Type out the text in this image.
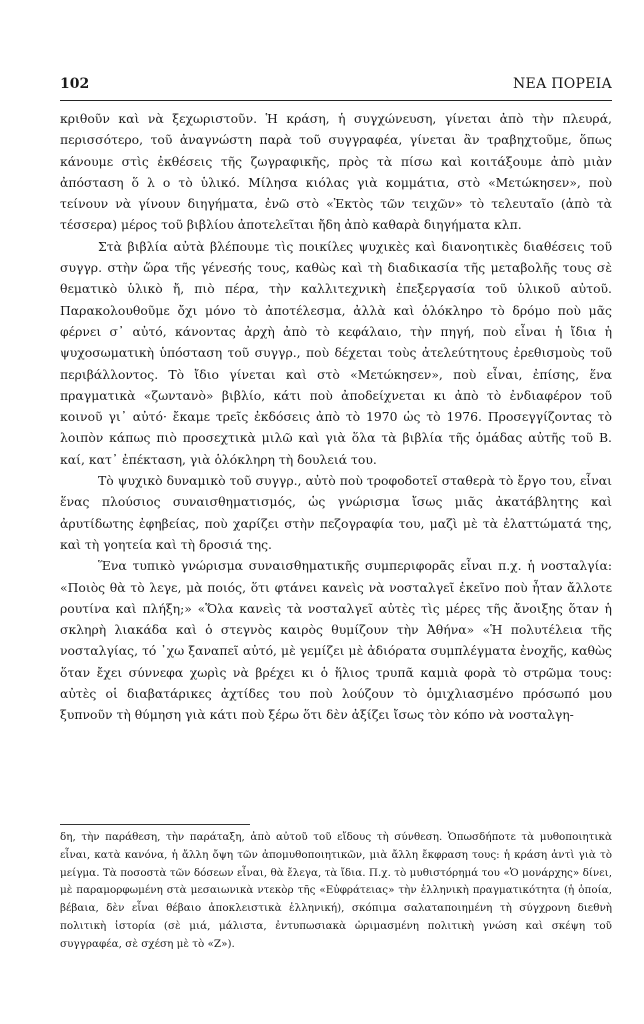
102	ΝΕΑ ΠΟΡΕΙΑ

κριθοῦν καὶ νὰ ξεχωριστοῦν. Ἡ κράση, ἡ συγχώνευση, γίνεται ἀπὸ τὴν πλευρά, περισσότερο, τοῦ ἀναγνώστη παρὰ τοῦ συγγραφέα, γίνεται ἂν τραβηχτοῦμε, ὅπως κάνουμε στὶς ἐκθέσεις τῆς ζωγραφικῆς, πρὸς τὰ πίσω καὶ κοιτάξουμε ἀπὸ μιὰν ἀπόσταση ὅ λ ο τὸ ὑλικό. Μίλησα κιόλας γιὰ κομμάτια, στὸ «Μετώκησεν», ποὺ τείνουν νὰ γίνουν διηγήματα, ἐνῶ στὸ «Ἐκτὸς τῶν τειχῶν» τὸ τελευταῖο (ἀπὸ τὰ τέσσερα) μέρος τοῦ βιβλίου ἀποτελεῖται ἤδη ἀπὸ καθαρὰ διηγήματα κλπ.

Στὰ βιβλία αὐτὰ βλέπουμε τὶς ποικίλες ψυχικὲς καὶ διανοητικὲς διαθέσεις τοῦ συγγρ. στὴν ὥρα τῆς γένεσής τους, καθὼς καὶ τὴ διαδικασία τῆς μεταβολῆς τους σὲ θεματικὸ ὑλικὸ ἤ, πιὸ πέρα, τὴν καλλιτεχνικὴ ἐπεξεργασία τοῦ ὑλικοῦ αὐτοῦ. Παρακολουθοῦμε ὄχι μόνο τὸ ἀποτέλεσμα, ἀλλὰ καὶ ὁλόκληρο τὸ δρόμο ποὺ μᾶς φέρνει σ᾿ αὐτό, κάνοντας ἀρχὴ ἀπὸ τὸ κεφάλαιο, τὴν πηγή, ποὺ εἶναι ἡ ἴδια ἡ ψυχοσωματικὴ ὑπόσταση τοῦ συγγρ., ποὺ δέχεται τοὺς ἀτελεύτητους ἐρεθισμοὺς τοῦ περιβάλλοντος. Τὸ ἴδιο γίνεται καὶ στὸ «Μετώκησεν», ποὺ εἶναι, ἐπίσης, ἕνα πραγματικὰ «ζωντανὸ» βιβλίο, κάτι ποὺ ἀποδείχνεται κι ἀπὸ τὸ ἐνδιαφέρον τοῦ κοινοῦ γι᾿ αὐτό· ἔκαμε τρεῖς ἐκδόσεις ἀπὸ τὸ 1970 ὡς τὸ 1976. Προσεγγίζοντας τὸ λοιπὸν κάπως πιὸ προσεχτικὰ μιλῶ καὶ γιὰ ὅλα τὰ βιβλία τῆς ὁμάδας αὐτῆς τοῦ Β. καί, κατ᾿ ἐπέκταση, γιὰ ὁλόκληρη τὴ δουλειά του.

Τὸ ψυχικὸ δυναμικὸ τοῦ συγγρ., αὐτὸ ποὺ τροφοδοτεῖ σταθερὰ τὸ ἔργο του, εἶναι ἕνας πλούσιος συναισθηματισμός, ὡς γνώρισμα ἴσως μιᾶς ἀκατάβλητης καὶ ἀρυτίδωτης ἐφηβείας, ποὺ χαρίζει στὴν πεζογραφία του, μαζὶ μὲ τὰ ἐλαττώματά της, καὶ τὴ γοητεία καὶ τὴ δροσιά της.

Ἕνα τυπικὸ γνώρισμα συναισθηματικῆς συμπεριφορᾶς εἶναι π.χ. ἡ νοσταλγία: «Ποιὸς θὰ τὸ λεγε, μὰ ποιός, ὅτι φτάνει κανεὶς νὰ νοσταλγεῖ ἐκεῖνο ποὺ ἦταν ἄλλοτε ρουτίνα καὶ πλήξη;» «Ὅλα κανεὶς τὰ νοσταλγεῖ αὐτὲς τὶς μέρες τῆς ἄνοιξης ὅταν ἡ σκληρὴ λιακάδα καὶ ὁ στεγνὸς καιρὸς θυμίζουν τὴν Ἀθήνα» «Ἡ πολυτέλεια τῆς νοσταλγίας, τό ᾽χω ξαναπεῖ αὐτό, μὲ γεμίζει μὲ ἀδιόρατα συμπλέγματα ἐνοχῆς, καθὼς ὅταν ἔχει σύννεφα χωρὶς νὰ βρέχει κι ὁ ἥλιος τρυπᾶ καμιὰ φορὰ τὸ στρῶμα τους: αὐτὲς οἱ διαβατάρικες ἀχτίδες του ποὺ λούζουν τὸ ὁμιχλιασμένο πρόσωπό μου ξυπνοῦν τὴ θύμηση γιὰ κάτι ποὺ ξέρω ὅτι δὲν ἀξίζει ἴσως τὸν κόπο νὰ νοσταλγη-

δη, τὴν παράθεση, τὴν παράταξη, ἀπὸ αὐτοῦ τοῦ εἴδους τὴ σύνθεση. Ὁπωσδήποτε τὰ μυθοποιητικὰ εἶναι, κατὰ κανόνα, ἡ ἄλλη ὄψη τῶν ἀπομυθοποιητικῶν, μιὰ ἄλλη ἔκφραση τους: ἡ κράση ἀντὶ γιὰ τὸ μείγμα. Τὰ ποσοστὰ τῶν δόσεων εἶναι, θὰ ἔλεγα, τὰ ἴδια. Π.χ. τὸ μυθιστόρημά του «Ὁ μονάρχης» δίνει, μὲ παραμορφωμένη στὰ μεσαιωνικὰ ντεκὸρ τῆς «Εὐφράτειας» τὴν ἑλληνικὴ πραγματικότητα (ἡ ὁποία, βέβαια, δὲν εἶναι θέβαιο ἀποκλειστικὰ ἑλληνική), σκόπιμα σαλαταποιημένη τὴ σύγχρονη διεθνὴ πολιτικὴ ἱστορία (σὲ μιά, μάλιστα, ἐντυπωσιακὰ ὡριμασμένη πολιτικὴ γνώση καὶ σκέψη τοῦ συγγραφέα, σὲ σχέση μὲ τὸ «Ζ»).
